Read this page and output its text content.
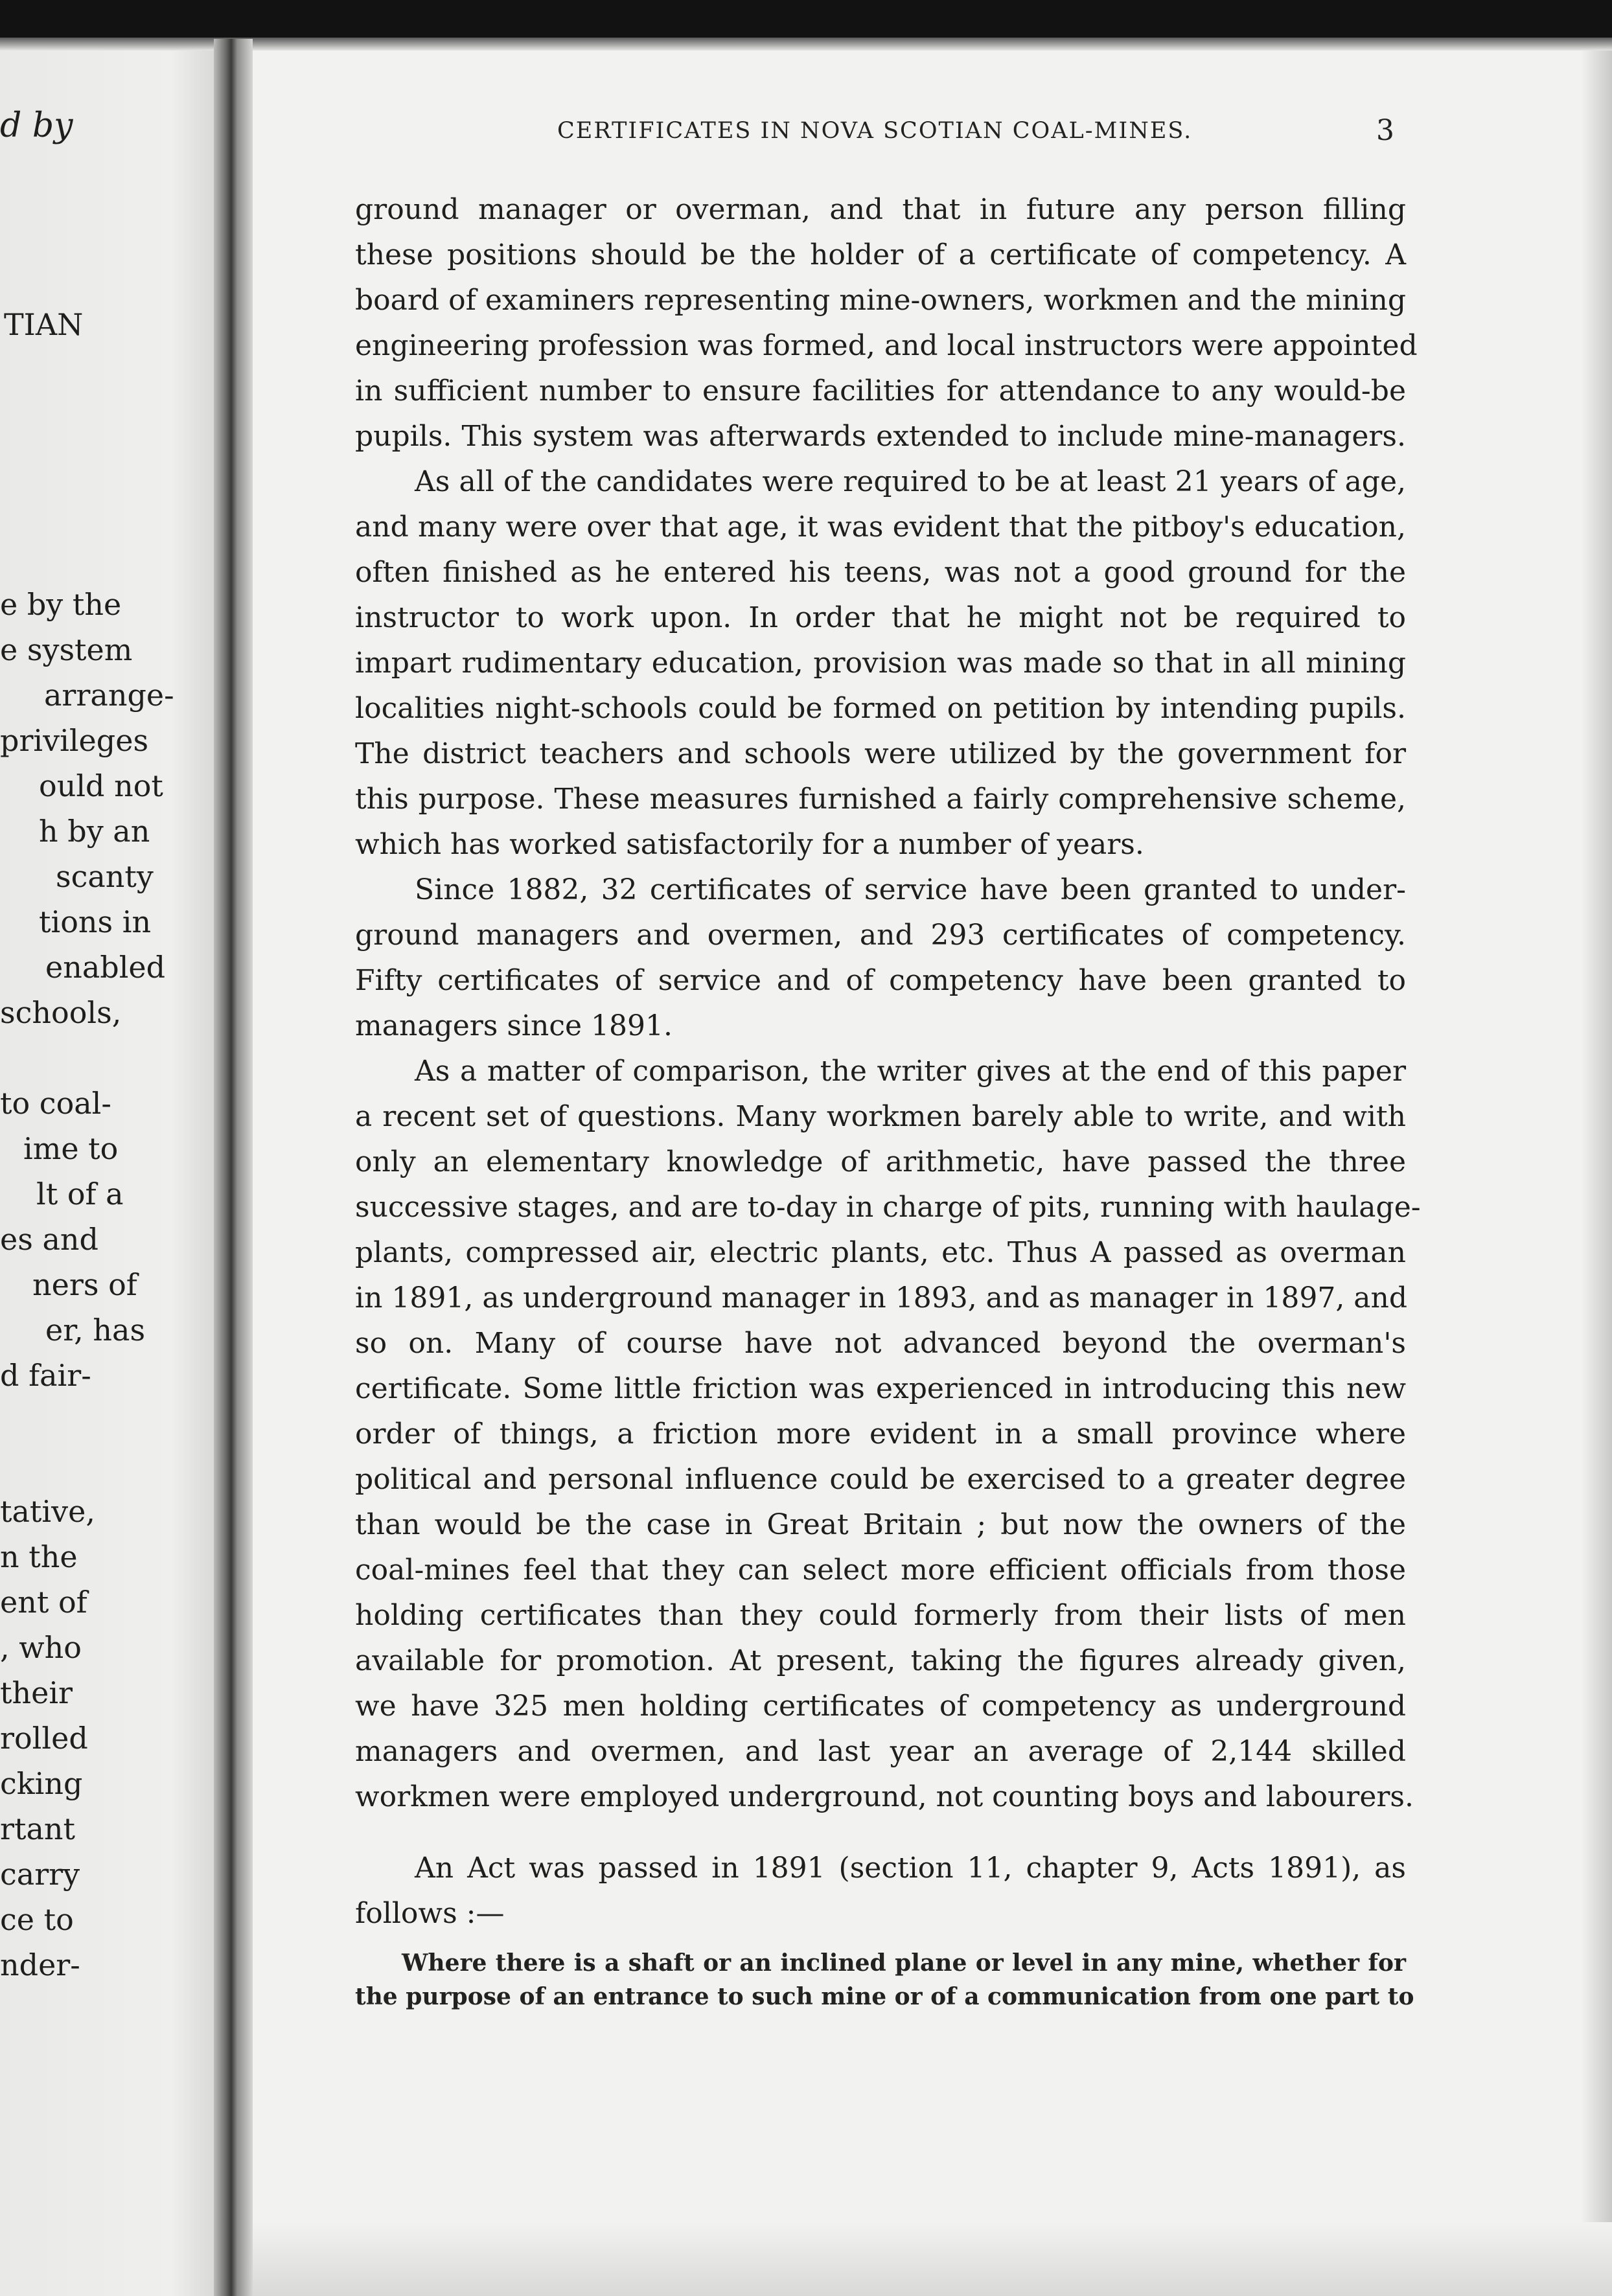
d by
TIAN
e by the
e system
arrange-
privileges
ould not
h by an
scanty
tions in
enabled
schools,
to coal-
ime to
lt of a
es and
ners of
er, has
d fair-
tative,
n the
ent of
, who
their
rolled
cking
rtant
carry
ce to
nder-
CERTIFICATES IN NOVA SCOTIAN COAL-MINES.	3
ground manager or overman, and that in future any person filling
these positions should be the holder of a certificate of competency. A
board of examiners representing mine-owners, workmen and the mining
engineering profession was formed, and local instructors were appointed
in sufficient number to ensure facilities for attendance to any would-be
pupils. This system was afterwards extended to include mine-managers.
As all of the candidates were required to be at least 21 years of age,
and many were over that age, it was evident that the pitboy's education,
often finished as he entered his teens, was not a good ground for the
instructor to work upon. In order that he might not be required to
impart rudimentary education, provision was made so that in all mining
localities night-schools could be formed on petition by intending pupils.
The district teachers and schools were utilized by the government for
this purpose. These measures furnished a fairly comprehensive scheme,
which has worked satisfactorily for a number of years.
Since 1882, 32 certificates of service have been granted to under-
ground managers and overmen, and 293 certificates of competency.
Fifty certificates of service and of competency have been granted to
managers since 1891.
As a matter of comparison, the writer gives at the end of this paper
a recent set of questions. Many workmen barely able to write, and with
only an elementary knowledge of arithmetic, have passed the three
successive stages, and are to-day in charge of pits, running with haulage-
plants, compressed air, electric plants, etc. Thus A passed as overman
in 1891, as underground manager in 1893, and as manager in 1897, and
so on. Many of course have not advanced beyond the overman's
certificate. Some little friction was experienced in introducing this new
order of things, a friction more evident in a small province where
political and personal influence could be exercised to a greater degree
than would be the case in Great Britain ; but now the owners of the
coal-mines feel that they can select more efficient officials from those
holding certificates than they could formerly from their lists of men
available for promotion. At present, taking the figures already given,
we have 325 men holding certificates of competency as underground
managers and overmen, and last year an average of 2,144 skilled
workmen were employed underground, not counting boys and labourers.
An Act was passed in 1891 (section 11, chapter 9, Acts 1891), as
follows :—
Where there is a shaft or an inclined plane or level in any mine, whether for
the purpose of an entrance to such mine or of a communication from one part to
